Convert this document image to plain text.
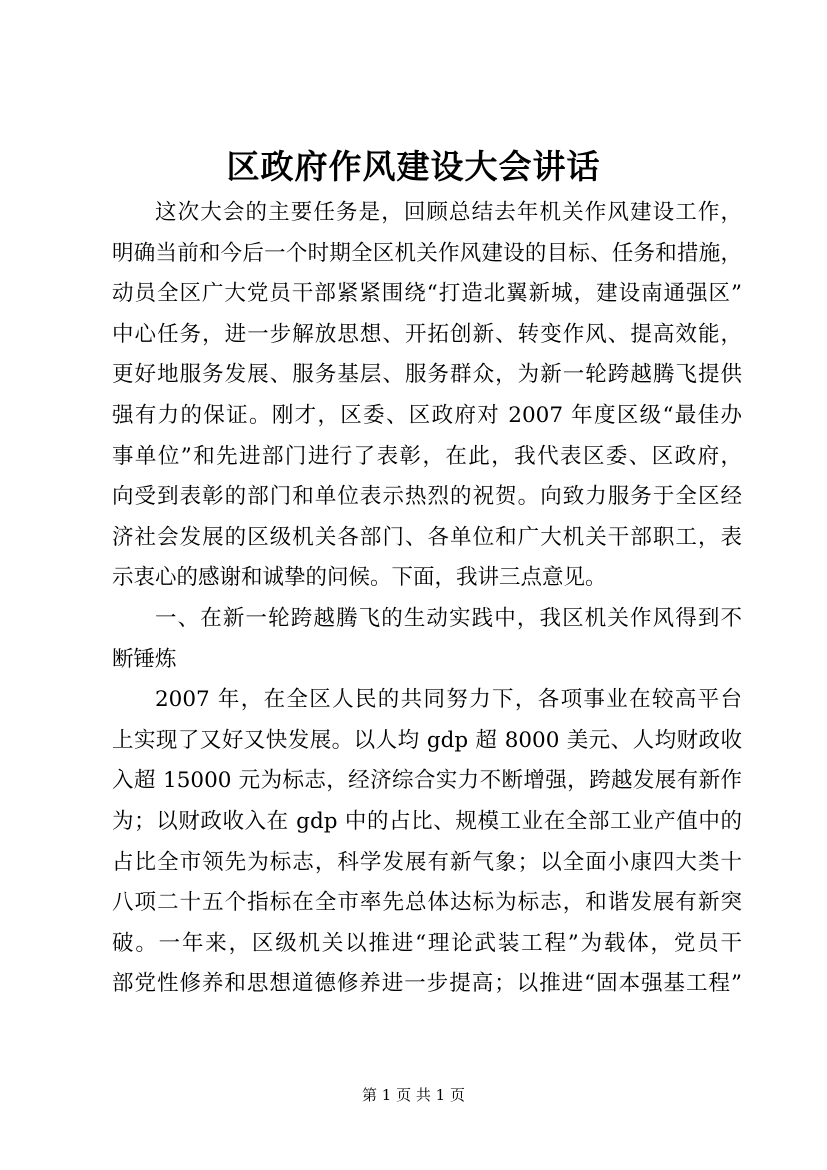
区政府作风建设大会讲话
这次大会的主要任务是，回顾总结去年机关作风建设工作，
明确当前和今后一个时期全区机关作风建设的目标、任务和措施，
动员全区广大党员干部紧紧围绕“打造北翼新城，建设南通强区”
中心任务，进一步解放思想、开拓创新、转变作风、提高效能，
更好地服务发展、服务基层、服务群众，为新一轮跨越腾飞提供
强有力的保证。刚才，区委、区政府对 2007 年度区级“最佳办
事单位”和先进部门进行了表彰，在此，我代表区委、区政府，
向受到表彰的部门和单位表示热烈的祝贺。向致力服务于全区经
济社会发展的区级机关各部门、各单位和广大机关干部职工，表
示衷心的感谢和诚挚的问候。下面，我讲三点意见。
一、在新一轮跨越腾飞的生动实践中，我区机关作风得到不
断锤炼
2007 年，在全区人民的共同努力下，各项事业在较高平台
上实现了又好又快发展。以人均 gdp 超 8000 美元、人均财政收
入超 15000 元为标志，经济综合实力不断增强，跨越发展有新作
为；以财政收入在 gdp 中的占比、规模工业在全部工业产值中的
占比全市领先为标志，科学发展有新气象；以全面小康四大类十
八项二十五个指标在全市率先总体达标为标志，和谐发展有新突
破。一年来，区级机关以推进“理论武装工程”为载体，党员干
部党性修养和思想道德修养进一步提高；以推进“固本强基工程”
第 1 页 共 1 页
